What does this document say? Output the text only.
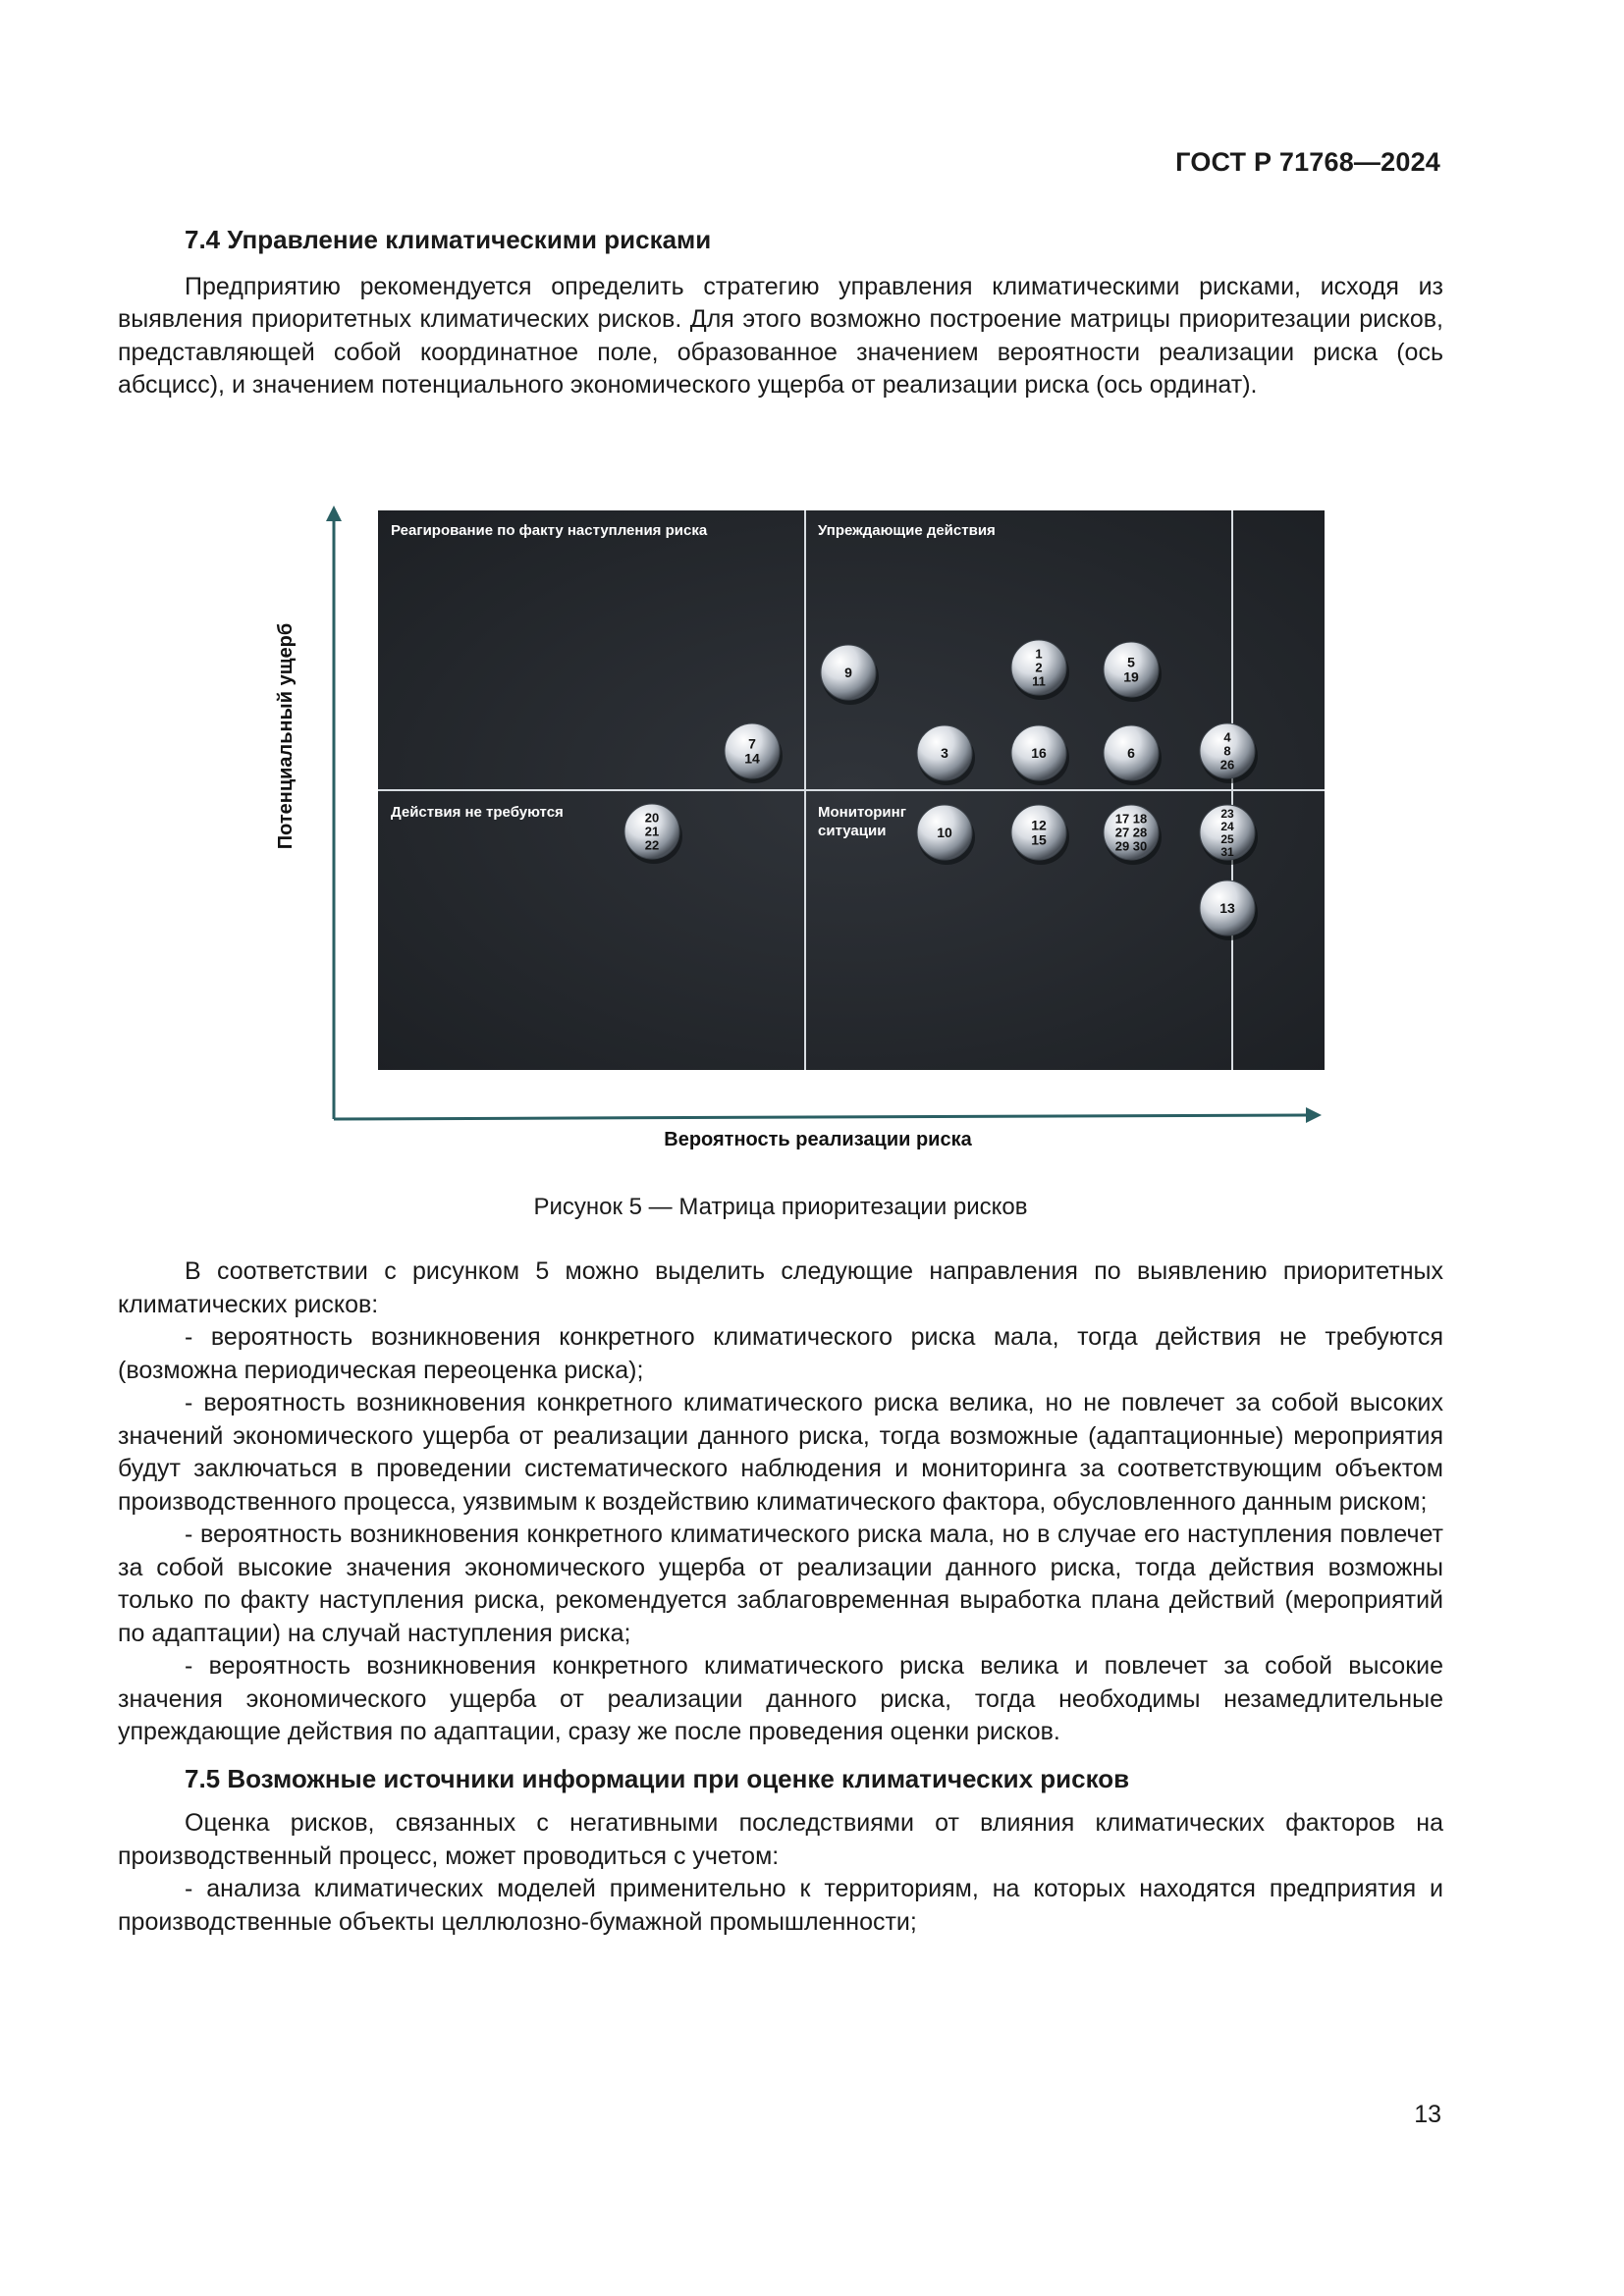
ГОСТ Р 71768—2024

7.4 Управление климатическими рисками

Предприятию рекомендуется определить стратегию управления климатическими рисками, исходя из выявления приоритетных климатических рисков. Для этого возможно построение матрицы приоритезации рисков, представляющей собой координатное поле, образованное значением вероятности реализации риска (ось абсцисс), и значением потенциального экономического ущерба от реализации риска (ось ординат).

Реагирование по факту наступления риска	Упреждающие действия
Действия не требуются	Мониторинг
ситуации
9
1
2
11
5
19
7
14	3	16	6
4
8
26
20
21
22
10	12
15
17 18
27 28
29 30
23
24
25
31
13
Потенциальный ущерб
Вероятность реализации риска
Рисунок 5 — Матрица приоритезации рисков

В соответствии с рисунком 5 можно выделить следующие направления по выявлению приоритетных климатических рисков:

- вероятность возникновения конкретного климатического риска мала, тогда действия не требуются (возможна периодическая переоценка риска);

- вероятность возникновения конкретного климатического риска велика, но не повлечет за собой высоких значений экономического ущерба от реализации данного риска, тогда возможные (адаптационные) мероприятия будут заключаться в проведении систематического наблюдения и мониторинга за соответствующим объектом производственного процесса, уязвимым к воздействию климатического фактора, обусловленного данным риском;

- вероятность возникновения конкретного климатического риска мала, но в случае его наступления повлечет за собой высокие значения экономического ущерба от реализации данного риска, тогда действия возможны только по факту наступления риска, рекомендуется заблаговременная выработка плана действий (мероприятий по адаптации) на случай наступления риска;

- вероятность возникновения конкретного климатического риска велика и повлечет за собой высокие значения экономического ущерба от реализации данного риска, тогда необходимы незамедлительные упреждающие действия по адаптации, сразу же после проведения оценки рисков.

7.5 Возможные источники информации при оценке климатических рисков

Оценка рисков, связанных с негативными последствиями от влияния климатических факторов на производственный процесс, может проводиться с учетом:

- анализа климатических моделей применительно к территориям, на которых находятся предприятия и производственные объекты целлюлозно-бумажной промышленности;

13
